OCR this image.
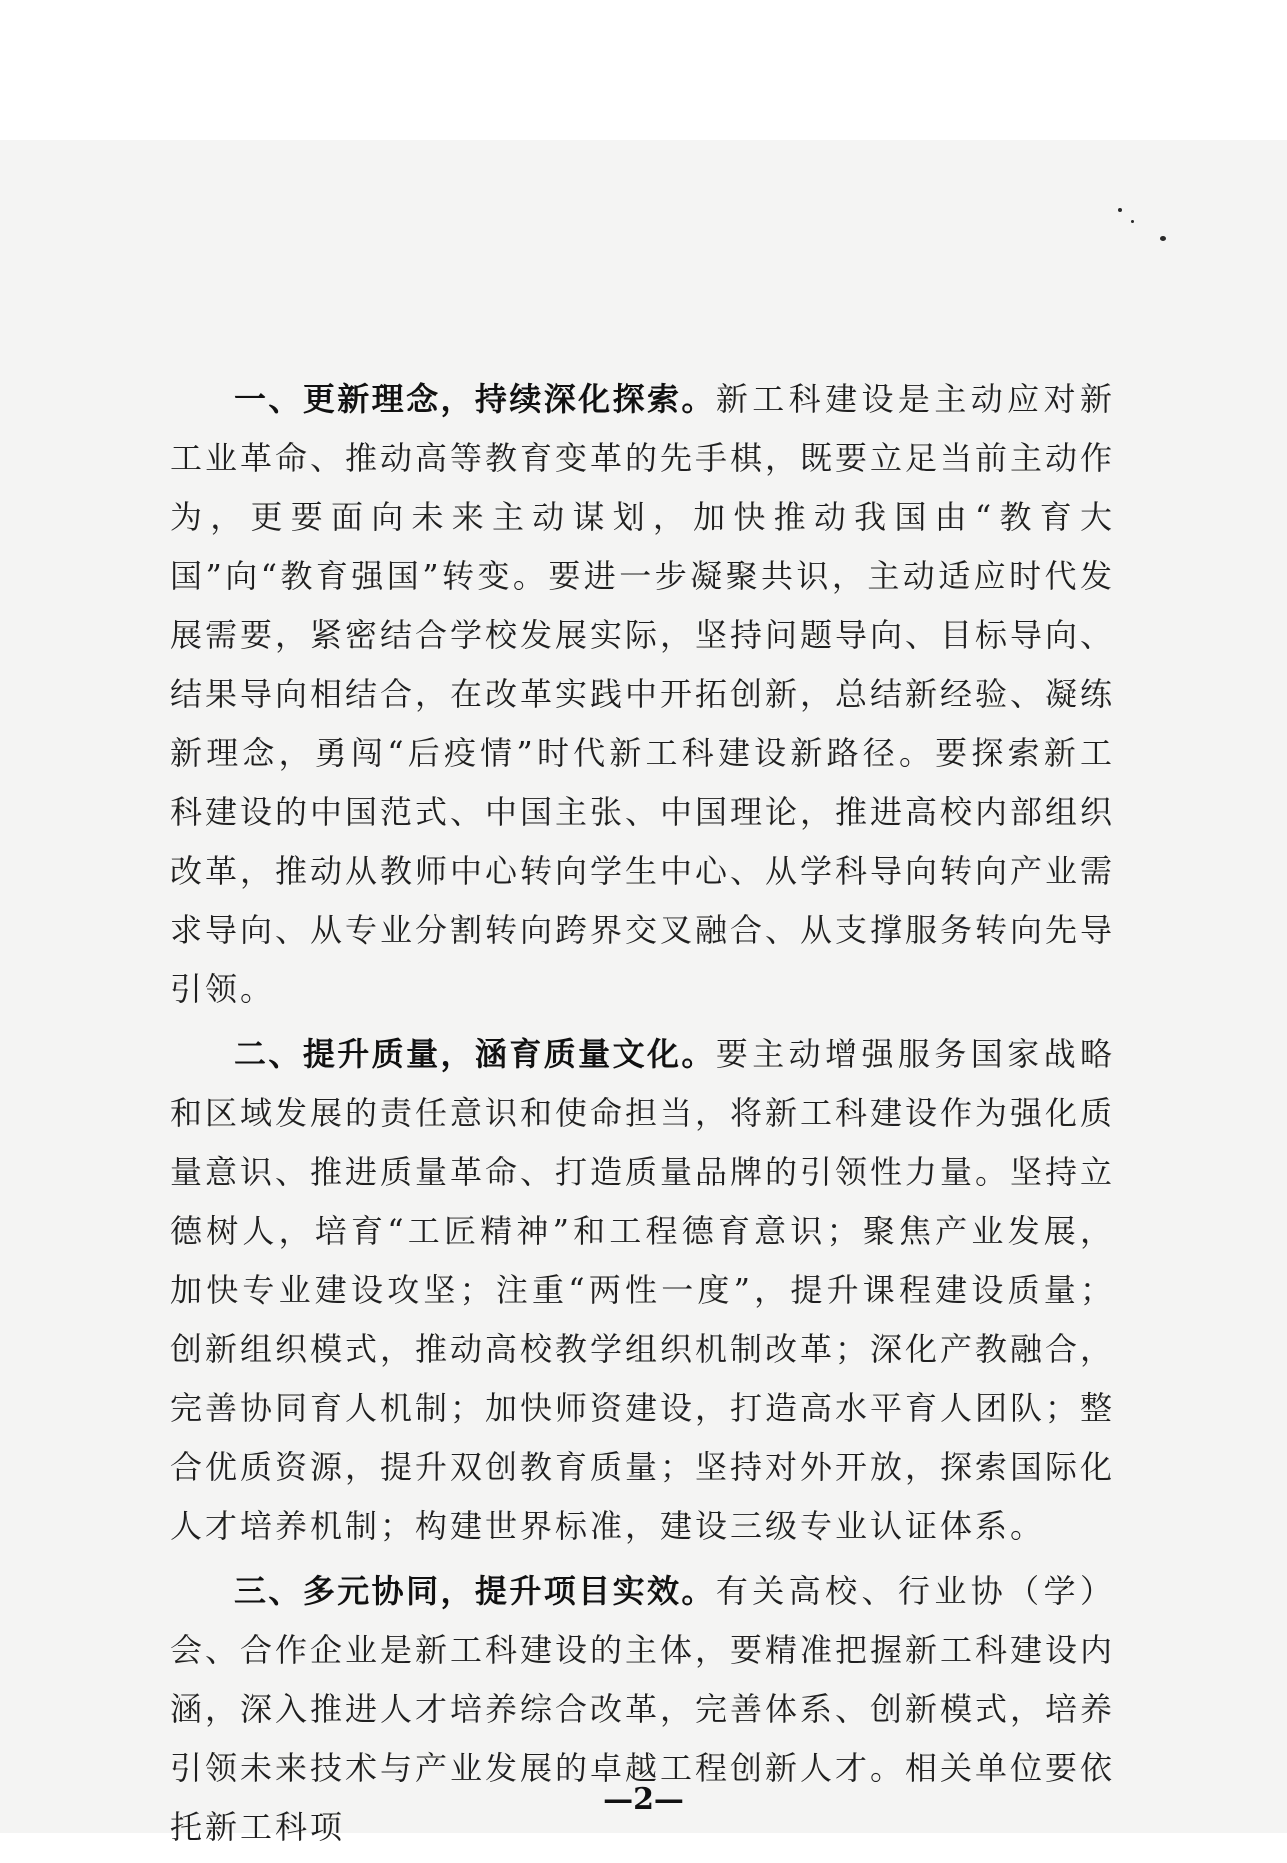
一、更新理念，持续深化探索。新工科建设是主动应对新工业革命、推动高等教育变革的先手棋，既要立足当前主动作为，更要面向未来主动谋划，加快推动我国由“教育大国”向“教育强国”转变。要进一步凝聚共识，主动适应时代发展需要，紧密结合学校发展实际，坚持问题导向、目标导向、结果导向相结合，在改革实践中开拓创新，总结新经验、凝练新理念，勇闯“后疫情”时代新工科建设新路径。要探索新工科建设的中国范式、中国主张、中国理论，推进高校内部组织改革，推动从教师中心转向学生中心、从学科导向转向产业需求导向、从专业分割转向跨界交叉融合、从支撑服务转向先导引领。

二、提升质量，涵育质量文化。要主动增强服务国家战略和区域发展的责任意识和使命担当，将新工科建设作为强化质量意识、推进质量革命、打造质量品牌的引领性力量。坚持立德树人，培育“工匠精神”和工程德育意识；聚焦产业发展，加快专业建设攻坚；注重“两性一度”，提升课程建设质量；创新组织模式，推动高校教学组织机制改革；深化产教融合，完善协同育人机制；加快师资建设，打造高水平育人团队；整合优质资源，提升双创教育质量；坚持对外开放，探索国际化人才培养机制；构建世界标准，建设三级专业认证体系。

三、多元协同，提升项目实效。有关高校、行业协（学）会、合作企业是新工科建设的主体，要精准把握新工科建设内涵，深入推进人才培养综合改革，完善体系、创新模式，培养引领未来技术与产业发展的卓越工程创新人才。相关单位要依托新工科项

—2—
